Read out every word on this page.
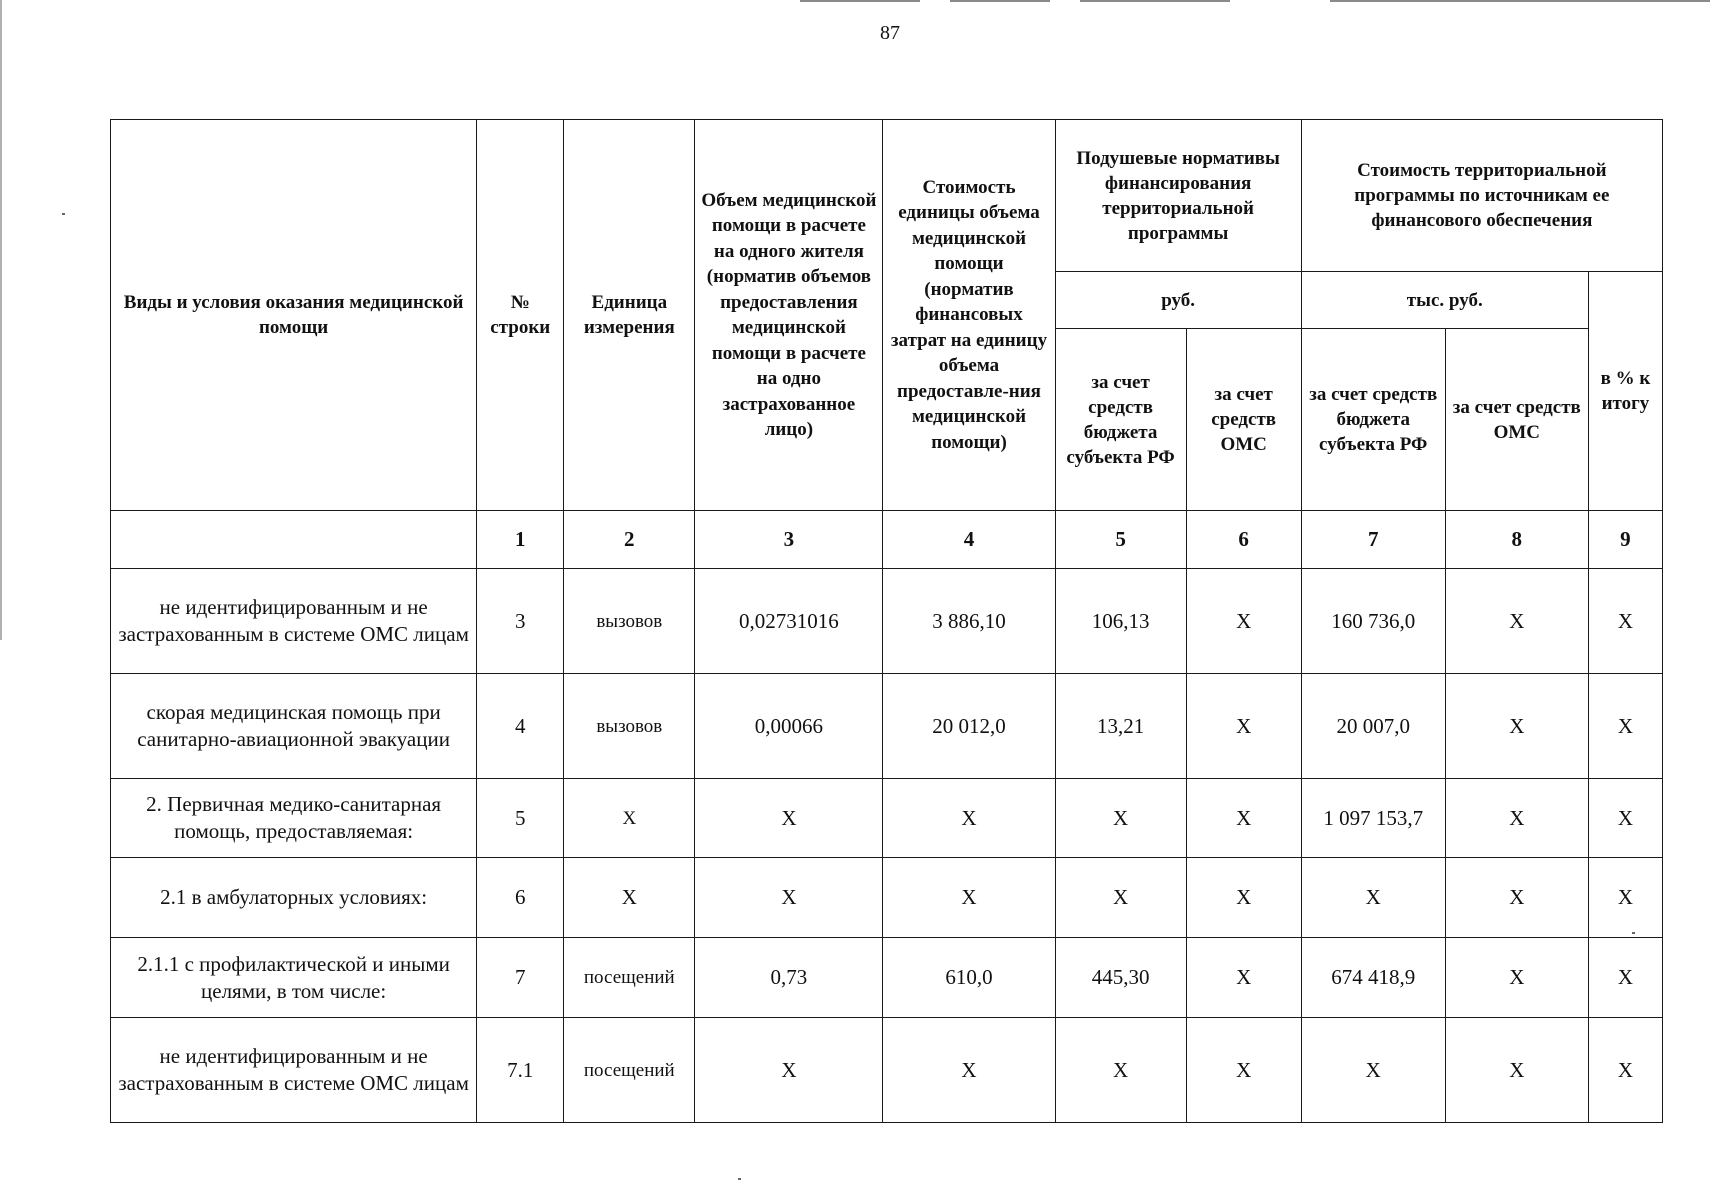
87
Виды и условия оказания медицинской помощи	№ строки	Единица измерения	Объем медицинской помощи в расчете на одного жителя (норматив объемов предоставления медицинской помощи в расчете на одно застрахованное лицо)	Стоимость единицы объема медицинской помощи (норматив финансовых затрат на единицу объема предоставле-ния медицинской помощи)	Подушевые нормативы финансирования территориальной программы		Стоимость территориальной программы по источникам ее финансового обеспечения		
					руб.		тыс. руб.		в % к итогу
					за счет средств бюджета субъекта РФ	за счет средств ОМС	за счет средств бюджета субъекта РФ	за счет средств ОМС	
	1	2	3	4	5	6	7	8	9
не идентифицированным и не застрахованным в системе ОМС лицам	3	вызовов	0,02731016	3 886,10	106,13	X	160 736,0	X	X
скорая медицинская помощь при санитарно-авиационной эвакуации	4	вызовов	0,00066	20 012,0	13,21	X	20 007,0	X	X
2. Первичная медико-санитарная помощь, предоставляемая:	5	X	X	X	X	X	1 097 153,7	X	X
2.1 в амбулаторных условиях:	6	X	X	X	X	X	X	X	X
2.1.1 с профилактической и иными целями, в том числе:	7	посещений	0,73	610,0	445,30	X	674 418,9	X	X
не идентифицированным и не застрахованным в системе ОМС лицам	7.1	посещений	X	X	X	X	X	X	X
